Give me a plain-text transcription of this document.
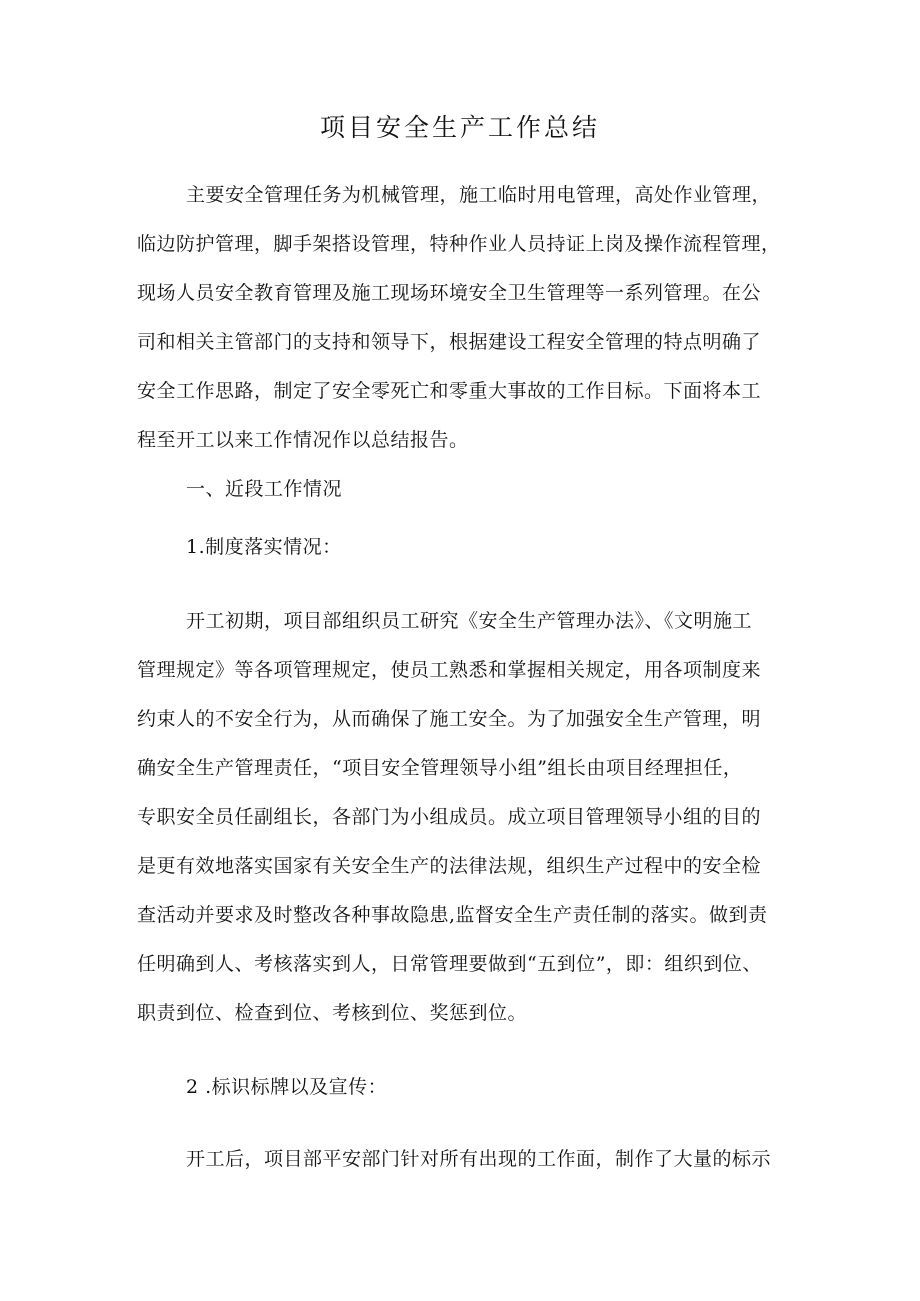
项目安全生产工作总结
主要安全管理任务为机械管理，施工临时用电管理，高处作业管理，
临边防护管理，脚手架搭设管理，特种作业人员持证上岗及操作流程管理，
现场人员安全教育管理及施工现场环境安全卫生管理等一系列管理。在公
司和相关主管部门的支持和领导下，根据建设工程安全管理的特点明确了
安全工作思路，制定了安全零死亡和零重大事故的工作目标。下面将本工
程至开工以来工作情况作以总结报告。
一、近段工作情况
1.制度落实情况：
开工初期，项目部组织员工研究《安全生产管理办法》、《文明施工
管理规定》等各项管理规定，使员工熟悉和掌握相关规定，用各项制度来
约束人的不安全行为，从而确保了施工安全。为了加强安全生产管理，明
确安全生产管理责任，“项目安全管理领导小组”组长由项目经理担任，
专职安全员任副组长，各部门为小组成员。成立项目管理领导小组的目的
是更有效地落实国家有关安全生产的法律法规，组织生产过程中的安全检
查活动并要求及时整改各种事故隐患,监督安全生产责任制的落实。做到责
任明确到人、考核落实到人，日常管理要做到“五到位”，即：组织到位、
职责到位、检查到位、考核到位、奖惩到位。
2 .标识标牌以及宣传：
开工后，项目部平安部门针对所有出现的工作面，制作了大量的标示
